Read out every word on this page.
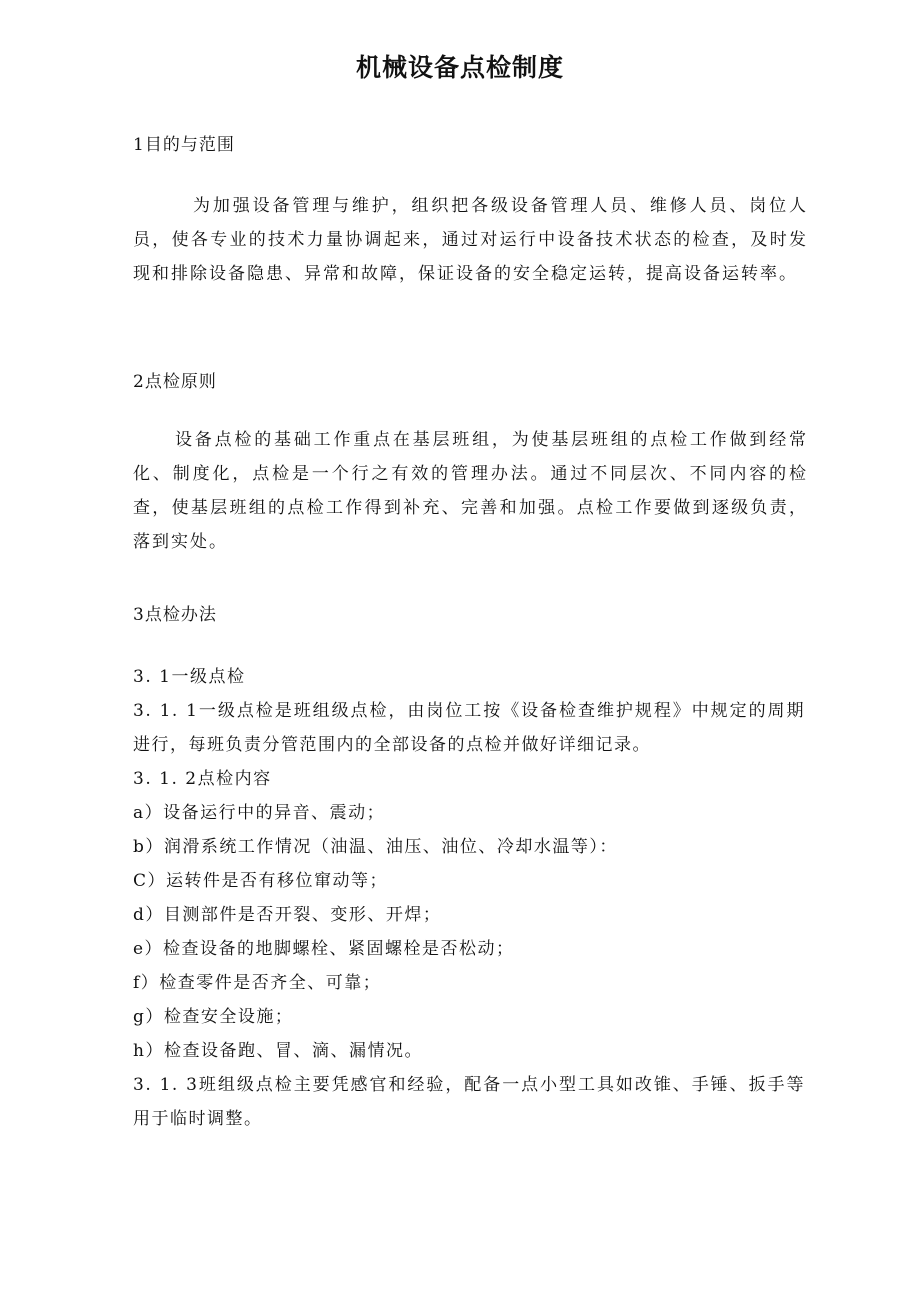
机械设备点检制度
1目的与范围
为加强设备管理与维护，组织把各级设备管理人员、维修人员、岗位人员，使各专业的技术力量协调起来，通过对运行中设备技术状态的检查，及时发现和排除设备隐患、异常和故障，保证设备的安全稳定运转，提高设备运转率。
2点检原则
设备点检的基础工作重点在基层班组，为使基层班组的点检工作做到经常化、制度化，点检是一个行之有效的管理办法。通过不同层次、不同内容的检查，使基层班组的点检工作得到补充、完善和加强。点检工作要做到逐级负责，落到实处。
3点检办法
3. 1一级点检
3. 1. 1一级点检是班组级点检，由岗位工按《设备检查维护规程》中规定的周期进行，每班负责分管范围内的全部设备的点检并做好详细记录。
3. 1. 2点检内容
a）设备运行中的异音、震动；
b）润滑系统工作情况（油温、油压、油位、冷却水温等）：
C）运转件是否有移位窜动等；
d）目测部件是否开裂、变形、开焊；
e）检查设备的地脚螺栓、紧固螺栓是否松动；
f）检查零件是否齐全、可靠；
g）检查安全设施；
h）检查设备跑、冒、滴、漏情况。
3. 1. 3班组级点检主要凭感官和经验，配备一点小型工具如改锥、手锤、扳手等用于临时调整。
